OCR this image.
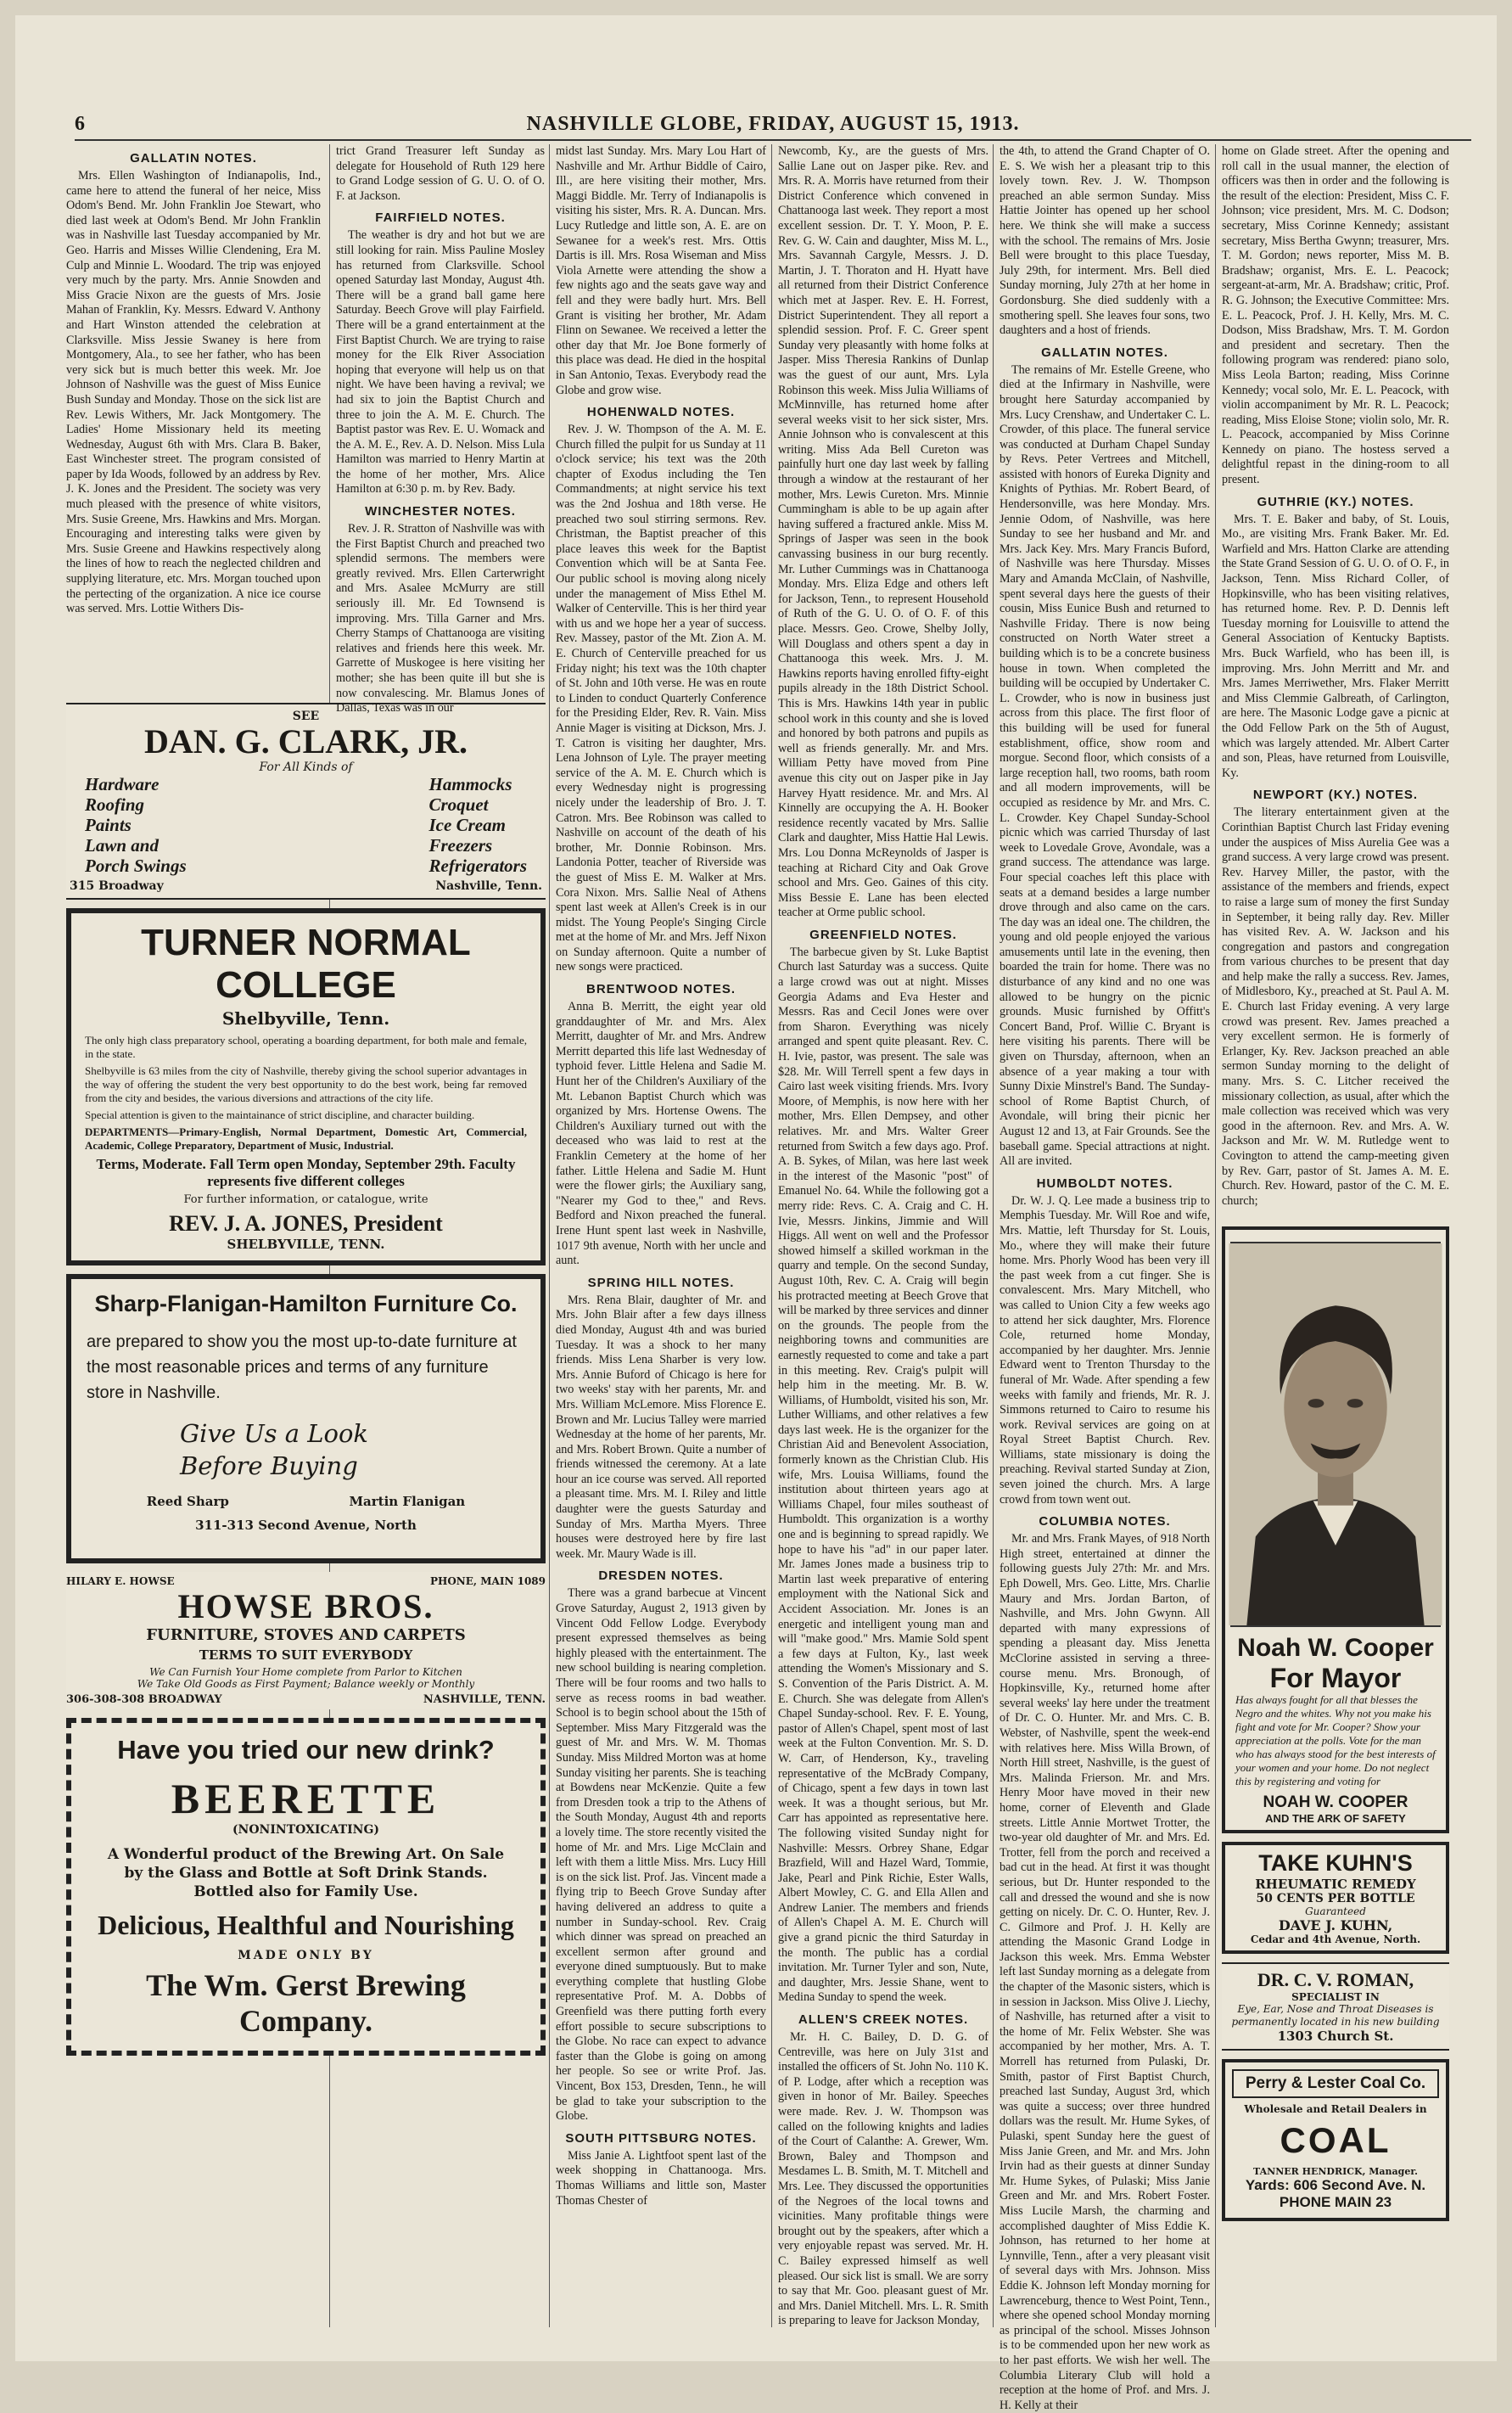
6	NASHVILLE GLOBE, FRIDAY, AUGUST 15, 1913.
GALLATIN NOTES.

Mrs. Ellen Washington of Indianapolis, Ind., came here to attend the funeral of her neice, Miss Odom's Bend. Mr. John Franklin Joe Stewart, who died last week at Odom's Bend. Mr John Franklin was in Nashville last Tuesday accompanied by Mr. Geo. Harris and Misses Willie Clendening, Era M. Culp and Minnie L. Woodard. The trip was enjoyed very much by the party. Mrs. Annie Snowden and Miss Gracie Nixon are the guests of Mrs. Josie Mahan of Franklin, Ky. Messrs. Edward V. Anthony and Hart Winston attended the celebration at Clarksville. Miss Jessie Swaney is here from Montgomery, Ala., to see her father, who has been very sick but is much better this week. Mr. Joe Johnson of Nashville was the guest of Miss Eunice Bush Sunday and Monday. Those on the sick list are Rev. Lewis Withers, Mr. Jack Montgomery. The Ladies' Home Missionary held its meeting Wednesday, August 6th with Mrs. Clara B. Baker, East Winchester street. The program consisted of paper by Ida Woods, followed by an address by Rev. J. K. Jones and the President. The society was very much pleased with the presence of white visitors, Mrs. Susie Greene, Mrs. Hawkins and Mrs. Morgan. Encouraging and interesting talks were given by Mrs. Susie Greene and Hawkins respectively along the lines of how to reach the neglected children and supplying literature, etc. Mrs. Morgan touched upon the pertecting of the organization. A nice ice course was served. Mrs. Lottie Withers Dis-

SEE
DAN. G. CLARK, JR.
For All Kinds of
Hardware
Roofing
Paints
Lawn and
Porch Swings
Hammocks
Croquet
Ice Cream
Freezers
Refrigerators
315 Broadway	Nashville, Tenn.
TURNER NORMAL COLLEGE
Shelbyville, Tenn.

The only high class preparatory school, operating a boarding department, for both male and female, in the state.

Shelbyville is 63 miles from the city of Nashville, thereby giving the school superior advantages in the way of offering the student the very best opportunity to do the best work, being far removed from the city and besides, the various diversions and attractions of the city life.

Special attention is given to the maintainance of strict discipline, and character building.

DEPARTMENTS—Primary-English, Normal Department, Domestic Art, Commercial, Academic, College Preparatory, Department of Music, Industrial.

Terms, Moderate. Fall Term open Monday, September 29th. Faculty represents five different colleges

For further information, or catalogue, write
REV. J. A. JONES, President
SHELBYVILLE, TENN.
Sharp-Flanigan-Hamilton Furniture Co.
are prepared to show you the most up-to-date furniture at the most reasonable prices and terms of any furniture store in Nashville.
Give Us a Look
Before Buying
Reed Sharp	Martin Flanigan
311-313 Second Avenue, North
HILARY E. HOWSE	PHONE, MAIN 1089
HOWSE BROS.
FURNITURE, STOVES AND CARPETS
TERMS TO SUIT EVERYBODY
We Can Furnish Your Home complete from Parlor to Kitchen
We Take Old Goods as First Payment; Balance weekly or Monthly
306-308-308 BROADWAY	NASHVILLE, TENN.
Have you tried our new drink?
BEERETTE
(NONINTOXICATING)
A Wonderful product of the Brewing Art. On Sale by the Glass and Bottle at Soft Drink Stands. Bottled also for Family Use.
Delicious, Healthful and Nourishing
MADE ONLY BY
The Wm. Gerst Brewing Company.

trict Grand Treasurer left Sunday as delegate for Household of Ruth 129 here to Grand Lodge session of G. U. O. of O. F. at Jackson.

FAIRFIELD NOTES.

The weather is dry and hot but we are still looking for rain. Miss Pauline Mosley has returned from Clarksville. School opened Saturday last Monday, August 4th. There will be a grand ball game here Saturday. Beech Grove will play Fairfield. There will be a grand entertainment at the First Baptist Church. We are trying to raise money for the Elk River Association hoping that everyone will help us on that night. We have been having a revival; we had six to join the Baptist Church and three to join the A. M. E. Church. The Baptist pastor was Rev. E. U. Womack and the A. M. E., Rev. A. D. Nelson. Miss Lula Hamilton was married to Henry Martin at the home of her mother, Mrs. Alice Hamilton at 6:30 p. m. by Rev. Bady.

WINCHESTER NOTES.

Rev. J. R. Stratton of Nashville was with the First Baptist Church and preached two splendid sermons. The members were greatly revived. Mrs. Ellen Carterwright and Mrs. Asalee McMurry are still seriously ill. Mr. Ed Townsend is improving. Mrs. Tilla Garner and Mrs. Cherry Stamps of Chattanooga are visiting relatives and friends here this week. Mr. Garrette of Muskogee is here visiting her mother; she has been quite ill but she is now convalescing. Mr. Blamus Jones of Dallas, Texas was in our

midst last Sunday. Mrs. Mary Lou Hart of Nashville and Mr. Arthur Biddle of Cairo, Ill., are here visiting their mother, Mrs. Maggi Biddle. Mr. Terry of Indianapolis is visiting his sister, Mrs. R. A. Duncan. Mrs. Lucy Rutledge and little son, A. E. are on Sewanee for a week's rest. Mrs. Ottis Dartis is ill. Mrs. Rosa Wiseman and Miss Viola Arnette were attending the show a few nights ago and the seats gave way and fell and they were badly hurt. Mrs. Bell Grant is visiting her brother, Mr. Adam Flinn on Sewanee. We received a letter the other day that Mr. Joe Bone formerly of this place was dead. He died in the hospital in San Antonio, Texas. Everybody read the Globe and grow wise.

HOHENWALD NOTES.

Rev. J. W. Thompson of the A. M. E. Church filled the pulpit for us Sunday at 11 o'clock service; his text was the 20th chapter of Exodus including the Ten Commandments; at night service his text was the 2nd Joshua and 18th verse. He preached two soul stirring sermons. Rev. Christman, the Baptist preacher of this place leaves this week for the Baptist Convention which will be at Santa Fee. Our public school is moving along nicely under the management of Miss Ethel M. Walker of Centerville. This is her third year with us and we hope her a year of success. Rev. Massey, pastor of the Mt. Zion A. M. E. Church of Centerville preached for us Friday night; his text was the 10th chapter of St. John and 10th verse. He was en route to Linden to conduct Quarterly Conference for the Presiding Elder, Rev. R. Vain. Miss Annie Mager is visiting at Dickson, Mrs. J. T. Catron is visiting her daughter, Mrs. Lena Johnson of Lyle. The prayer meeting service of the A. M. E. Church which is every Wednesday night is progressing nicely under the leadership of Bro. J. T. Catron. Mrs. Bee Robinson was called to Nashville on account of the death of his brother, Mr. Donnie Robinson. Mrs. Landonia Potter, teacher of Riverside was the guest of Miss E. M. Walker at Mrs. Cora Nixon. Mrs. Sallie Neal of Athens spent last week at Allen's Creek is in our midst. The Young People's Singing Circle met at the home of Mr. and Mrs. Jeff Nixon on Sunday afternoon. Quite a number of new songs were practiced.

BRENTWOOD NOTES.

Anna B. Merritt, the eight year old granddaughter of Mr. and Mrs. Alex Merritt, daughter of Mr. and Mrs. Andrew Merritt departed this life last Wednesday of typhoid fever. Little Helena and Sadie M. Hunt her of the Children's Auxiliary of the Mt. Lebanon Baptist Church which was organized by Mrs. Hortense Owens. The Children's Auxiliary turned out with the deceased who was laid to rest at the Franklin Cemetery at the home of her father. Little Helena and Sadie M. Hunt were the flower girls; the Auxiliary sang, "Nearer my God to thee," and Revs. Bedford and Nixon preached the funeral. Irene Hunt spent last week in Nashville, 1017 9th avenue, North with her uncle and aunt.

SPRING HILL NOTES.

Mrs. Rena Blair, daughter of Mr. and Mrs. John Blair after a few days illness died Monday, August 4th and was buried Tuesday. It was a shock to her many friends. Miss Lena Sharber is very low. Mrs. Annie Buford of Chicago is here for two weeks' stay with her parents, Mr. and Mrs. William McLemore. Miss Florence E. Brown and Mr. Lucius Talley were married Wednesday at the home of her parents, Mr. and Mrs. Robert Brown. Quite a number of friends witnessed the ceremony. At a late hour an ice course was served. All reported a pleasant time. Mrs. M. I. Riley and little daughter were the guests Saturday and Sunday of Mrs. Martha Myers. Three houses were destroyed here by fire last week. Mr. Maury Wade is ill.

DRESDEN NOTES.

There was a grand barbecue at Vincent Grove Saturday, August 2, 1913 given by Vincent Odd Fellow Lodge. Everybody present expressed themselves as being highly pleased with the entertainment. The new school building is nearing completion. There will be four rooms and two halls to serve as recess rooms in bad weather. School is to begin school about the 15th of September. Miss Mary Fitzgerald was the guest of Mr. and Mrs. W. M. Thomas Sunday. Miss Mildred Morton was at home Sunday visiting her parents. She is teaching at Bowdens near McKenzie. Quite a few from Dresden took a trip to the Athens of the South Monday, August 4th and reports a lovely time. The store recently visited the home of Mr. and Mrs. Lige McClain and left with them a little Miss. Mrs. Lucy Hill is on the sick list. Prof. Jas. Vincent made a flying trip to Beech Grove Sunday after having delivered an address to quite a number in Sunday-school. Rev. Craig which dinner was spread on preached an excellent sermon after ground and everyone dined sumptuously. But to make everything complete that hustling Globe representative Prof. M. A. Dobbs of Greenfield was there putting forth every effort possible to secure subscriptions to the Globe. No race can expect to advance faster than the Globe is going on among her people. So see or write Prof. Jas. Vincent, Box 153, Dresden, Tenn., he will be glad to take your subscription to the Globe.

SOUTH PITTSBURG NOTES.

Miss Janie A. Lightfoot spent last of the week shopping in Chattanooga. Mrs. Thomas Williams and little son, Master Thomas Chester of

Newcomb, Ky., are the guests of Mrs. Sallie Lane out on Jasper pike. Rev. and Mrs. R. A. Morris have returned from their District Conference which convened in Chattanooga last week. They report a most excellent session. Dr. T. Y. Moon, P. E. Rev. G. W. Cain and daughter, Miss M. L., Mrs. Savannah Cargyle, Messrs. J. D. Martin, J. T. Thoraton and H. Hyatt have all returned from their District Conference which met at Jasper. Rev. E. H. Forrest, District Superintendent. They all report a splendid session. Prof. F. C. Greer spent Sunday very pleasantly with home folks at Jasper. Miss Theresia Rankins of Dunlap was the guest of our aunt, Mrs. Lyla Robinson this week. Miss Julia Williams of McMinnville, has returned home after several weeks visit to her sick sister, Mrs. Annie Johnson who is convalescent at this writing. Miss Ada Bell Cureton was painfully hurt one day last week by falling through a window at the restaurant of her mother, Mrs. Lewis Cureton. Mrs. Minnie Cummingham is able to be up again after having suffered a fractured ankle. Miss M. Springs of Jasper was seen in the book canvassing business in our burg recently. Mr. Luther Cummings was in Chattanooga Monday. Mrs. Eliza Edge and others left for Jackson, Tenn., to represent Household of Ruth of the G. U. O. of O. F. of this place. Messrs. Geo. Crowe, Shelby Jolly, Will Douglass and others spent a day in Chattanooga this week. Mrs. J. M. Hawkins reports having enrolled fifty-eight pupils already in the 18th District School. This is Mrs. Hawkins 14th year in public school work in this county and she is loved and honored by both patrons and pupils as well as friends generally. Mr. and Mrs. William Petty have moved from Pine avenue this city out on Jasper pike in Jay Harvey Hyatt residence. Mr. and Mrs. Al Kinnelly are occupying the A. H. Booker residence recently vacated by Mrs. Sallie Clark and daughter, Miss Hattie Hal Lewis. Mrs. Lou Donna McReynolds of Jasper is teaching at Richard City and Oak Grove school and Mrs. Geo. Gaines of this city. Miss Bessie E. Lane has been elected teacher at Orme public school.

GREENFIELD NOTES.

The barbecue given by St. Luke Baptist Church last Saturday was a success. Quite a large crowd was out at night. Misses Georgia Adams and Eva Hester and Messrs. Ras and Cecil Jones were over from Sharon. Everything was nicely arranged and spent quite pleasant. Rev. C. H. Ivie, pastor, was present. The sale was $28. Mr. Will Terrell spent a few days in Cairo last week visiting friends. Mrs. Ivory Moore, of Memphis, is now here with her mother, Mrs. Ellen Dempsey, and other relatives. Mr. and Mrs. Walter Greer returned from Switch a few days ago. Prof. A. B. Sykes, of Milan, was here last week in the interest of the Masonic "post" of Emanuel No. 64. While the following got a merry ride: Revs. C. A. Craig and C. H. Ivie, Messrs. Jinkins, Jimmie and Will Higgs. All went on well and the Professor showed himself a skilled workman in the quarry and temple. On the second Sunday, August 10th, Rev. C. A. Craig will begin his protracted meeting at Beech Grove that will be marked by three services and dinner on the grounds. The people from the neighboring towns and communities are earnestly requested to come and take a part in this meeting. Rev. Craig's pulpit will help him in the meeting. Mr. B. W. Williams, of Humboldt, visited his son, Mr. Luther Williams, and other relatives a few days last week. He is the organizer for the Christian Aid and Benevolent Association, formerly known as the Christian Club. His wife, Mrs. Louisa Williams, found the institution about thirteen years ago at Williams Chapel, four miles southeast of Humboldt. This organization is a worthy one and is beginning to spread rapidly. We hope to have his "ad" in our paper later. Mr. James Jones made a business trip to Martin last week preparative of entering employment with the National Sick and Accident Association. Mr. Jones is an energetic and intelligent young man and will "make good." Mrs. Mamie Sold spent a few days at Fulton, Ky., last week attending the Women's Missionary and S. S. Convention of the Paris District. A. M. E. Church. She was delegate from Allen's Chapel Sunday-school. Rev. F. E. Young, pastor of Allen's Chapel, spent most of last week at the Fulton Convention. Mr. S. D. W. Carr, of Henderson, Ky., traveling representative of the McBrady Company, of Chicago, spent a few days in town last week. It was a thought serious, but Mr. Carr has appointed as representative here. The following visited Sunday night for Nashville: Messrs. Orbrey Shane, Edgar Brazfield, Will and Hazel Ward, Tommie, Jake, Pearl and Pink Richie, Ester Walls, Albert Mowley, C. G. and Ella Allen and Andrew Lanier. The members and friends of Allen's Chapel A. M. E. Church will give a grand picnic the third Saturday in the month. The public has a cordial invitation. Mr. Turner Tyler and son, Nute, and daughter, Mrs. Jessie Shane, went to Medina Sunday to spend the week.

ALLEN'S CREEK NOTES.

Mr. H. C. Bailey, D. D. G. of Centreville, was here on July 31st and installed the officers of St. John No. 110 K. of P. Lodge, after which a reception was given in honor of Mr. Bailey. Speeches were made. Rev. J. W. Thompson was called on the following knights and ladies of the Court of Calanthe: A. Grewer, Wm. Brown, Baley and Thompson and Mesdames L. B. Smith, M. T. Mitchell and Mrs. Lee. They discussed the opportunities of the Negroes of the local towns and vicinities. Many profitable things were brought out by the speakers, after which a very enjoyable repast was served. Mr. H. C. Bailey expressed himself as well pleased. Our sick list is small. We are sorry to say that Mr. Goo. pleasant guest of Mr. and Mrs. Daniel Mitchell. Mrs. L. R. Smith is preparing to leave for Jackson Monday,

the 4th, to attend the Grand Chapter of O. E. S. We wish her a pleasant trip to this lovely town. Rev. J. W. Thompson preached an able sermon Sunday. Miss Hattie Jointer has opened up her school here. We think she will make a success with the school. The remains of Mrs. Josie Bell were brought to this place Tuesday, July 29th, for interment. Mrs. Bell died Sunday morning, July 27th at her home in Gordonsburg. She died suddenly with a smothering spell. She leaves four sons, two daughters and a host of friends.

GALLATIN NOTES.

The remains of Mr. Estelle Greene, who died at the Infirmary in Nashville, were brought here Saturday accompanied by Mrs. Lucy Crenshaw, and Undertaker C. L. Crowder, of this place. The funeral service was conducted at Durham Chapel Sunday by Revs. Peter Vertrees and Mitchell, assisted with honors of Eureka Dignity and Knights of Pythias. Mr. Robert Beard, of Hendersonville, was here Monday. Mrs. Jennie Odom, of Nashville, was here Sunday to see her husband and Mr. and Mrs. Jack Key. Mrs. Mary Francis Buford, of Nashville was here Thursday. Misses Mary and Amanda McClain, of Nashville, spent several days here the guests of their cousin, Miss Eunice Bush and returned to Nashville Friday. There is now being constructed on North Water street a building which is to be a concrete business house in town. When completed the building will be occupied by Undertaker C. L. Crowder, who is now in business just across from this place. The first floor of this building will be used for funeral establishment, office, show room and morgue. Second floor, which consists of a large reception hall, two rooms, bath room and all modern improvements, will be occupied as residence by Mr. and Mrs. C. L. Crowder. Key Chapel Sunday-School picnic which was carried Thursday of last week to Lovedale Grove, Avondale, was a grand success. The attendance was large. Four special coaches left this place with seats at a demand besides a large number drove through and also came on the cars. The day was an ideal one. The children, the young and old people enjoyed the various amusements until late in the evening, then boarded the train for home. There was no disturbance of any kind and no one was allowed to be hungry on the picnic grounds. Music furnished by Offitt's Concert Band, Prof. Willie C. Bryant is here visiting his parents. There will be given on Thursday, afternoon, when an absence of a year making a tour with Sunny Dixie Minstrel's Band. The Sunday-school of Rome Baptist Church, of Avondale, will bring their picnic her August 12 and 13, at Fair Grounds. See the baseball game. Special attractions at night. All are invited.

HUMBOLDT NOTES.

Dr. W. J. Q. Lee made a business trip to Memphis Tuesday. Mr. Will Roe and wife, Mrs. Mattie, left Thursday for St. Louis, Mo., where they will make their future home. Mrs. Phorly Wood has been very ill the past week from a cut finger. She is convalescent. Mrs. Mary Mitchell, who was called to Union City a few weeks ago to attend her sick daughter, Mrs. Florence Cole, returned home Monday, accompanied by her daughter. Mrs. Jennie Edward went to Trenton Thursday to the funeral of Mr. Wade. After spending a few weeks with family and friends, Mr. R. J. Simmons returned to Cairo to resume his work. Revival services are going on at Royal Street Baptist Church. Rev. Williams, state missionary is doing the preaching. Revival started Sunday at Zion, seven joined the church. Mrs. A large crowd from town went out.

COLUMBIA NOTES.

Mr. and Mrs. Frank Mayes, of 918 North High street, entertained at dinner the following guests July 27th: Mr. and Mrs. Eph Dowell, Mrs. Geo. Litte, Mrs. Charlie Maury and Mrs. Jordan Barton, of Nashville, and Mrs. John Gwynn. All departed with many expressions of spending a pleasant day. Miss Jenetta McClorine assisted in serving a three-course menu. Mrs. Bronough, of Hopkinsville, Ky., returned home after several weeks' lay here under the treatment of Dr. C. O. Hunter. Mr. and Mrs. C. B. Webster, of Nashville, spent the week-end with relatives here. Miss Willa Brown, of North Hill street, Nashville, is the guest of Mrs. Malinda Frierson. Mr. and Mrs. Henry Moor have moved in their new home, corner of Eleventh and Glade streets. Little Annie Mortwet Trotter, the two-year old daughter of Mr. and Mrs. Ed. Trotter, fell from the porch and received a bad cut in the head. At first it was thought serious, but Dr. Hunter responded to the call and dressed the wound and she is now getting on nicely. Dr. C. O. Hunter, Rev. J. C. Gilmore and Prof. J. H. Kelly are attending the Masonic Grand Lodge in Jackson this week. Mrs. Emma Webster left last Sunday morning as a delegate from the chapter of the Masonic sisters, which is in session in Jackson. Miss Olive J. Liechy, of Nashville, has returned after a visit to the home of Mr. Felix Webster. She was accompanied by her mother, Mrs. A. T. Morrell has returned from Pulaski, Dr. Smith, pastor of First Baptist Church, preached last Sunday, August 3rd, which was quite a success; over three hundred dollars was the result. Mr. Hume Sykes, of Pulaski, spent Sunday here the guest of Miss Janie Green, and Mr. and Mrs. John Irvin had as their guests at dinner Sunday Mr. Hume Sykes, of Pulaski; Miss Janie Green and Mr. and Mrs. Robert Foster. Miss Lucile Marsh, the charming and accomplished daughter of Miss Eddie K. Johnson, has returned to her home at Lynnville, Tenn., after a very pleasant visit of several days with Mrs. Johnson. Miss Eddie K. Johnson left Monday morning for Lawrenceburg, thence to West Point, Tenn., where she opened school Monday morning as principal of the school. Misses Johnson is to be commended upon her new work as to her past efforts. We wish her well. The Columbia Literary Club will hold a reception at the home of Prof. and Mrs. J. H. Kelly at their

home on Glade street. After the opening and roll call in the usual manner, the election of officers was then in order and the following is the result of the election: President, Miss C. F. Johnson; vice president, Mrs. M. C. Dodson; secretary, Miss Corinne Kennedy; assistant secretary, Miss Bertha Gwynn; treasurer, Mrs. T. M. Gordon; news reporter, Miss M. B. Bradshaw; organist, Mrs. E. L. Peacock; sergeant-at-arm, Mr. A. Bradshaw; critic, Prof. R. G. Johnson; the Executive Committee: Mrs. E. L. Peacock, Prof. J. H. Kelly, Mrs. M. C. Dodson, Miss Bradshaw, Mrs. T. M. Gordon and president and secretary. Then the following program was rendered: piano solo, Miss Leola Barton; reading, Miss Corinne Kennedy; vocal solo, Mr. E. L. Peacock, with violin accompaniment by Mr. R. L. Peacock; reading, Miss Eloise Stone; violin solo, Mr. R. L. Peacock, accompanied by Miss Corinne Kennedy on piano. The hostess served a delightful repast in the dining-room to all present.

GUTHRIE (KY.) NOTES.

Mrs. T. E. Baker and baby, of St. Louis, Mo., are visiting Mrs. Frank Baker. Mr. Ed. Warfield and Mrs. Hatton Clarke are attending the State Grand Session of G. U. O. of O. F., in Jackson, Tenn. Miss Richard Coller, of Hopkinsville, who has been visiting relatives, has returned home. Rev. P. D. Dennis left Tuesday morning for Louisville to attend the General Association of Kentucky Baptists. Mrs. Buck Warfield, who has been ill, is improving. Mrs. John Merritt and Mr. and Mrs. James Merriwether, Mrs. Flaker Merritt and Miss Clemmie Galbreath, of Carlington, are here. The Masonic Lodge gave a picnic at the Odd Fellow Park on the 5th of August, which was largely attended. Mr. Albert Carter and son, Pleas, have returned from Louisville, Ky.

NEWPORT (KY.) NOTES.

The literary entertainment given at the Corinthian Baptist Church last Friday evening under the auspices of Miss Aurelia Gee was a grand success. A very large crowd was present. Rev. Harvey Miller, the pastor, with the assistance of the members and friends, expect to raise a large sum of money the first Sunday in September, it being rally day. Rev. Miller has visited Rev. A. W. Jackson and his congregation and pastors and congregation from various churches to be present that day and help make the rally a success. Rev. James, of Midlesboro, Ky., preached at St. Paul A. M. E. Church last Friday evening. A very large crowd was present. Rev. James preached a very excellent sermon. He is formerly of Erlanger, Ky. Rev. Jackson preached an able sermon Sunday morning to the delight of many. Mrs. S. C. Litcher received the missionary collection, as usual, after which the male collection was received which was very good in the afternoon. Rev. and Mrs. A. W. Jackson and Mr. W. M. Rutledge went to Covington to attend the camp-meeting given by Rev. Garr, pastor of St. James A. M. E. Church. Rev. Howard, pastor of the C. M. E. church;

Noah W. Cooper
For Mayor
Has always fought for all that blesses the Negro and the whites. Why not you make his fight and vote for Mr. Cooper? Show your appreciation at the polls. Vote for the man who has always stood for the best interests of your women and your home. Do not neglect this by registering and voting for
NOAH W. COOPER
AND THE ARK OF SAFETY
TAKE KUHN'S
RHEUMATIC REMEDY
50 CENTS PER BOTTLE
Guaranteed
DAVE J. KUHN,
Cedar and 4th Avenue, North.
DR. C. V. ROMAN,
SPECIALIST IN
Eye, Ear, Nose and Throat Diseases is permanently located in his new building
1303 Church St.
Perry & Lester Coal Co.
Wholesale and Retail Dealers in
COAL
TANNER HENDRICK, Manager.
Yards: 606 Second Ave. N.
PHONE MAIN 23
